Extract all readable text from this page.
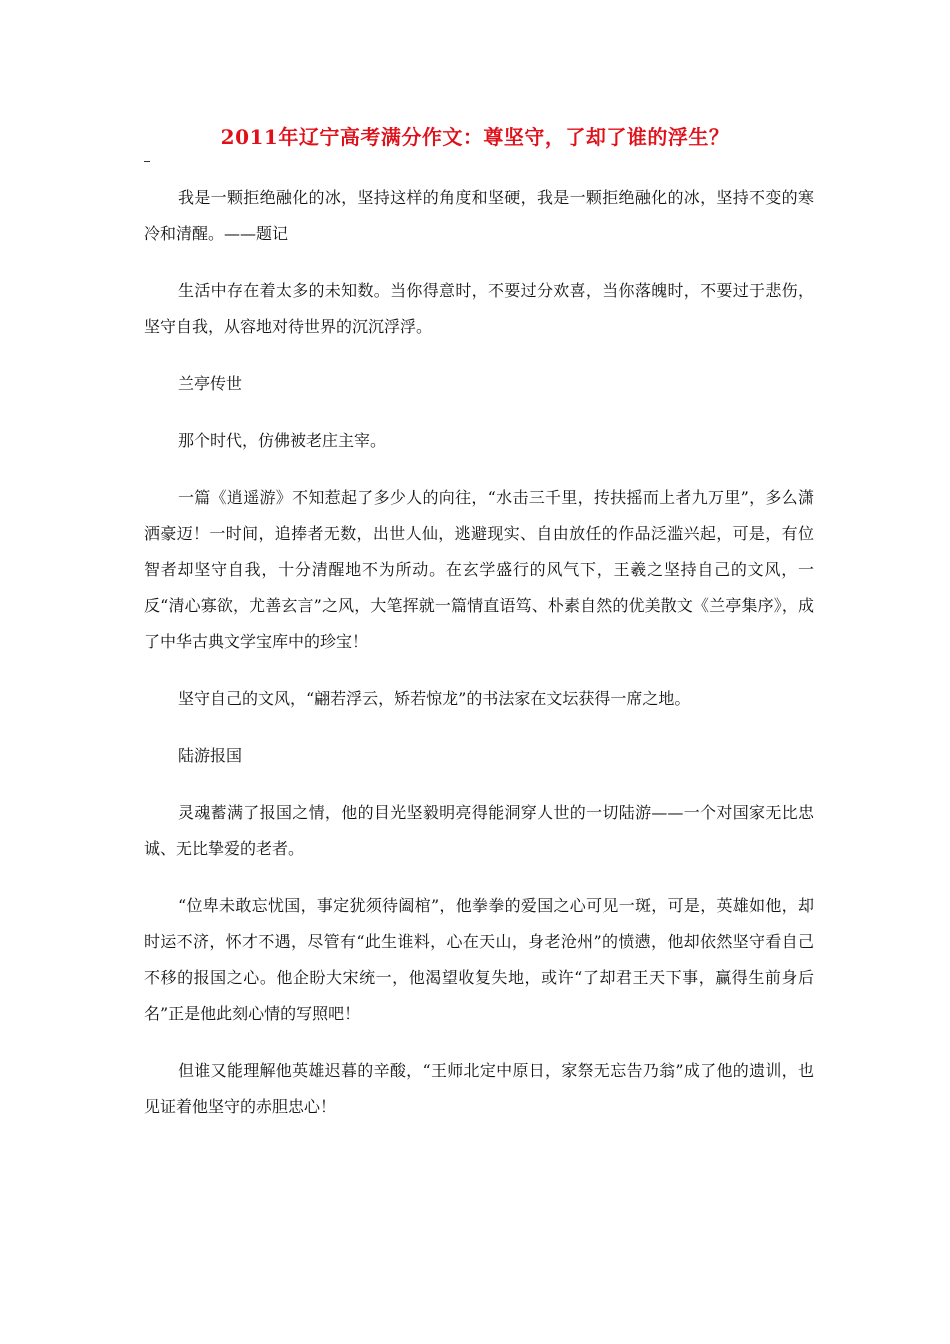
2011年辽宁高考满分作文：尊坚守，了却了谁的浮生？

我是一颗拒绝融化的冰，坚持这样的角度和坚硬，我是一颗拒绝融化的冰，坚持不变的寒冷和清醒。——题记

生活中存在着太多的未知数。当你得意时，不要过分欢喜，当你落魄时，不要过于悲伤，坚守自我，从容地对待世界的沉沉浮浮。

兰亭传世

那个时代，仿佛被老庄主宰。

一篇《逍遥游》不知惹起了多少人的向往，“水击三千里，抟扶摇而上者九万里”，多么潇洒豪迈！一时间，追捧者无数，出世人仙，逃避现实、自由放任的作品泛滥兴起，可是，有位智者却坚守自我，十分清醒地不为所动。在玄学盛行的风气下，王羲之坚持自己的文风，一反“清心寡欲，尤善玄言”之风，大笔挥就一篇情直语笃、朴素自然的优美散文《兰亭集序》，成了中华古典文学宝库中的珍宝！

坚守自己的文风，“翩若浮云，矫若惊龙”的书法家在文坛获得一席之地。

陆游报国

灵魂蓄满了报国之情，他的目光坚毅明亮得能洞穿人世的一切陆游——一个对国家无比忠诚、无比挚爱的老者。

“位卑未敢忘忧国，事定犹须待阖棺”，他拳拳的爱国之心可见一斑，可是，英雄如他，却时运不济，怀才不遇，尽管有“此生谁料，心在天山，身老沧州”的愤懑，他却依然坚守看自己不移的报国之心。他企盼大宋统一，他渴望收复失地，或许“了却君王天下事，赢得生前身后名”正是他此刻心情的写照吧！

但谁又能理解他英雄迟暮的辛酸，“王师北定中原日，家祭无忘告乃翁”成了他的遗训，也见证着他坚守的赤胆忠心！
